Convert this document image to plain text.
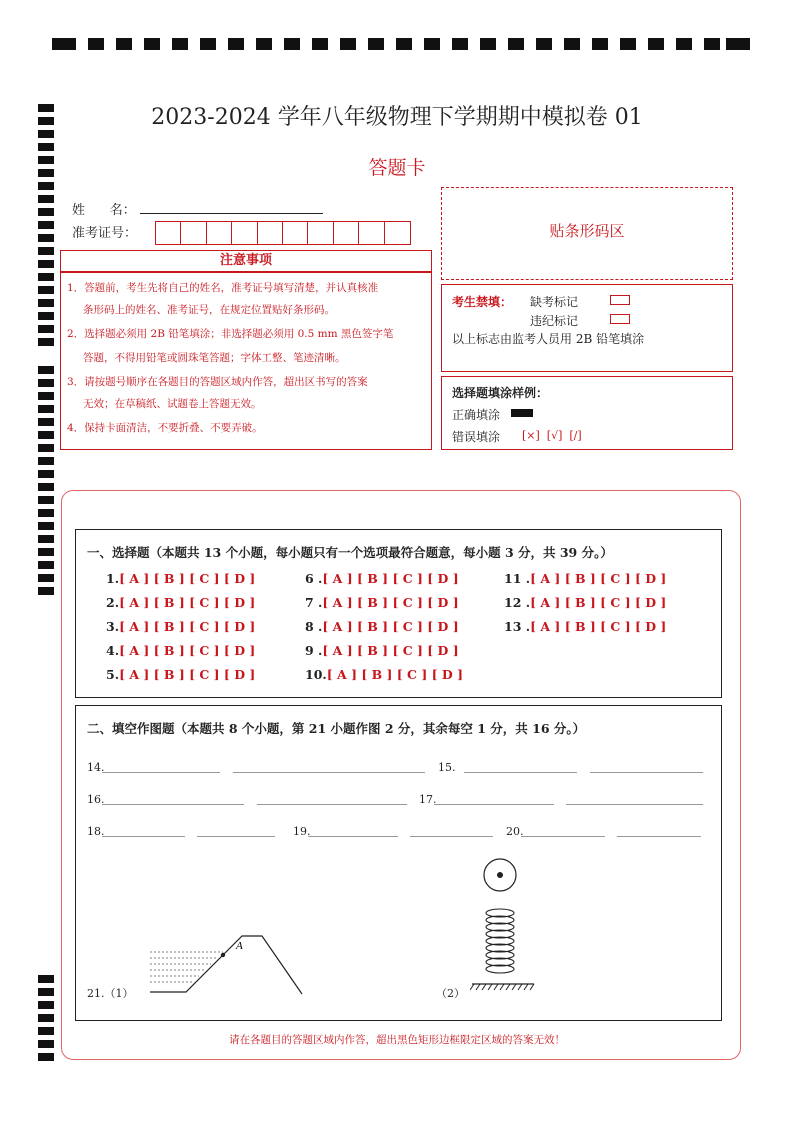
2023-2024 学年八年级物理下学期期中模拟卷 01
答题卡
姓      名：
准考证号：	贴条形码区
注意事项
1．答题前，考生先将自己的姓名，准考证号填写清楚，并认真核准
条形码上的姓名、准考证号，在规定位置贴好条形码。
2．选择题必须用 2B 铅笔填涂；非选择题必须用 0.5 mm 黑色签字笔
答题，不得用铅笔或圆珠笔答题；字体工整、笔迹清晰。
3．请按题号顺序在各题目的答题区域内作答，超出区书写的答案
无效；在草稿纸、试题卷上答题无效。
4．保持卡面清洁，不要折叠、不要弄破。
考生禁填： 缺考标记
违纪标记
以上标志由监考人员用 2B 铅笔填涂
选择题填涂样例：
正确填涂
错误填涂 [×]  [√]  [/]
一、选择题（本题共 13 个小题，每小题只有一个选项最符合题意，每小题 3 分，共 39 分。）
1.[ A ] [ B ] [ C ] [ D ]
2.[ A ] [ B ] [ C ] [ D ]
3.[ A ] [ B ] [ C ] [ D ]
4.[ A ] [ B ] [ C ] [ D ]
5.[ A ] [ B ] [ C ] [ D ]
6 .[ A ] [ B ] [ C ] [ D ]
7 .[ A ] [ B ] [ C ] [ D ]
8 .[ A ] [ B ] [ C ] [ D ]
9 .[ A ] [ B ] [ C ] [ D ]
10.[ A ] [ B ] [ C ] [ D ]
11 .[ A ] [ B ] [ C ] [ D ]
12 .[ A ] [ B ] [ C ] [ D ]
13 .[ A ] [ B ] [ C ] [ D ]
二、填空作图题（本题共 8 个小题，第 21 小题作图 2 分，其余每空 1 分，共 16 分。）
14.	15.
16.	17.
18.	19.	20.
21.（1）	（2）
A
请在各题目的答题区域内作答，超出黑色矩形边框限定区域的答案无效！
